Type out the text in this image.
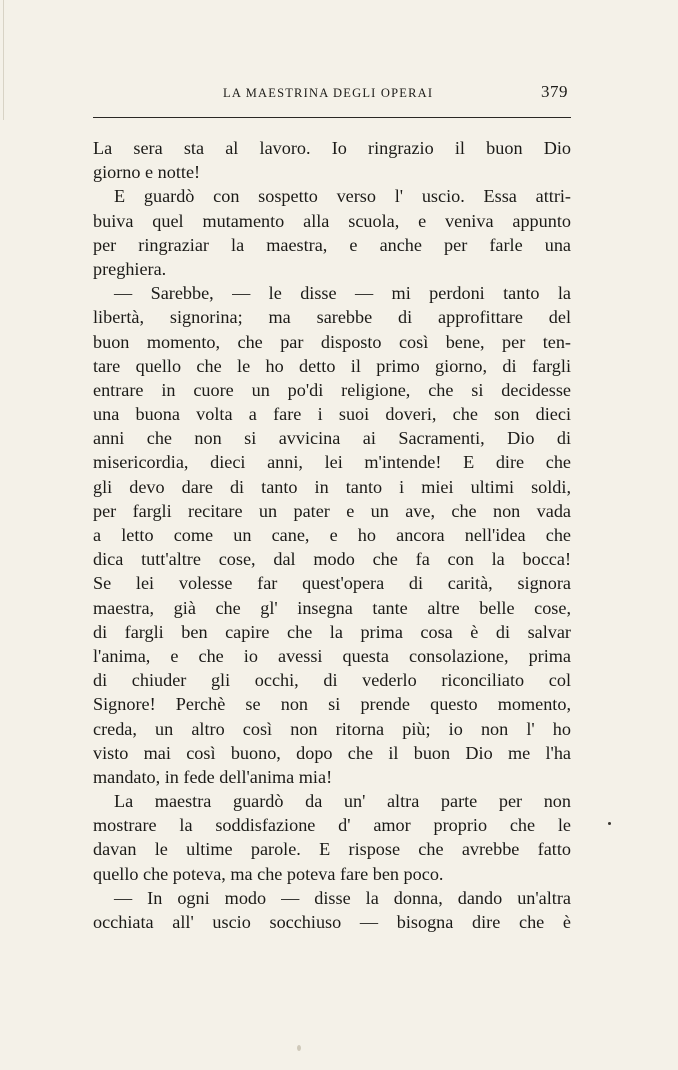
LA MAESTRINA DEGLI OPERAI	379
La sera sta al lavoro. Io ringrazio il buon Dio
giorno e notte!
E guardò con sospetto verso l' uscio. Essa attri-
buiva quel mutamento alla scuola, e veniva appunto
per ringraziar la maestra, e anche per farle una
preghiera.
— Sarebbe, — le disse — mi perdoni tanto la
libertà, signorina; ma sarebbe di approfittare del
buon momento, che par disposto così bene, per ten-
tare quello che le ho detto il primo giorno, di fargli
entrare in cuore un po'di religione, che si decidesse
una buona volta a fare i suoi doveri, che son dieci
anni che non si avvicina ai Sacramenti, Dio di
misericordia, dieci anni, lei m'intende! E dire che
gli devo dare di tanto in tanto i miei ultimi soldi,
per fargli recitare un pater e un ave, che non vada
a letto come un cane, e ho ancora nell'idea che
dica tutt'altre cose, dal modo che fa con la bocca!
Se lei volesse far quest'opera di carità, signora
maestra, già che gl' insegna tante altre belle cose,
di fargli ben capire che la prima cosa è di salvar
l'anima, e che io avessi questa consolazione, prima
di chiuder gli occhi, di vederlo riconciliato col
Signore! Perchè se non si prende questo momento,
creda, un altro così non ritorna più; io non l' ho
visto mai così buono, dopo che il buon Dio me l'ha
mandato, in fede dell'anima mia!
La maestra guardò da un' altra parte per non
mostrare la soddisfazione d' amor proprio che le
davan le ultime parole. E rispose che avrebbe fatto
quello che poteva, ma che poteva fare ben poco.
— In ogni modo — disse la donna, dando un'altra
occhiata all' uscio socchiuso — bisogna dire che è
